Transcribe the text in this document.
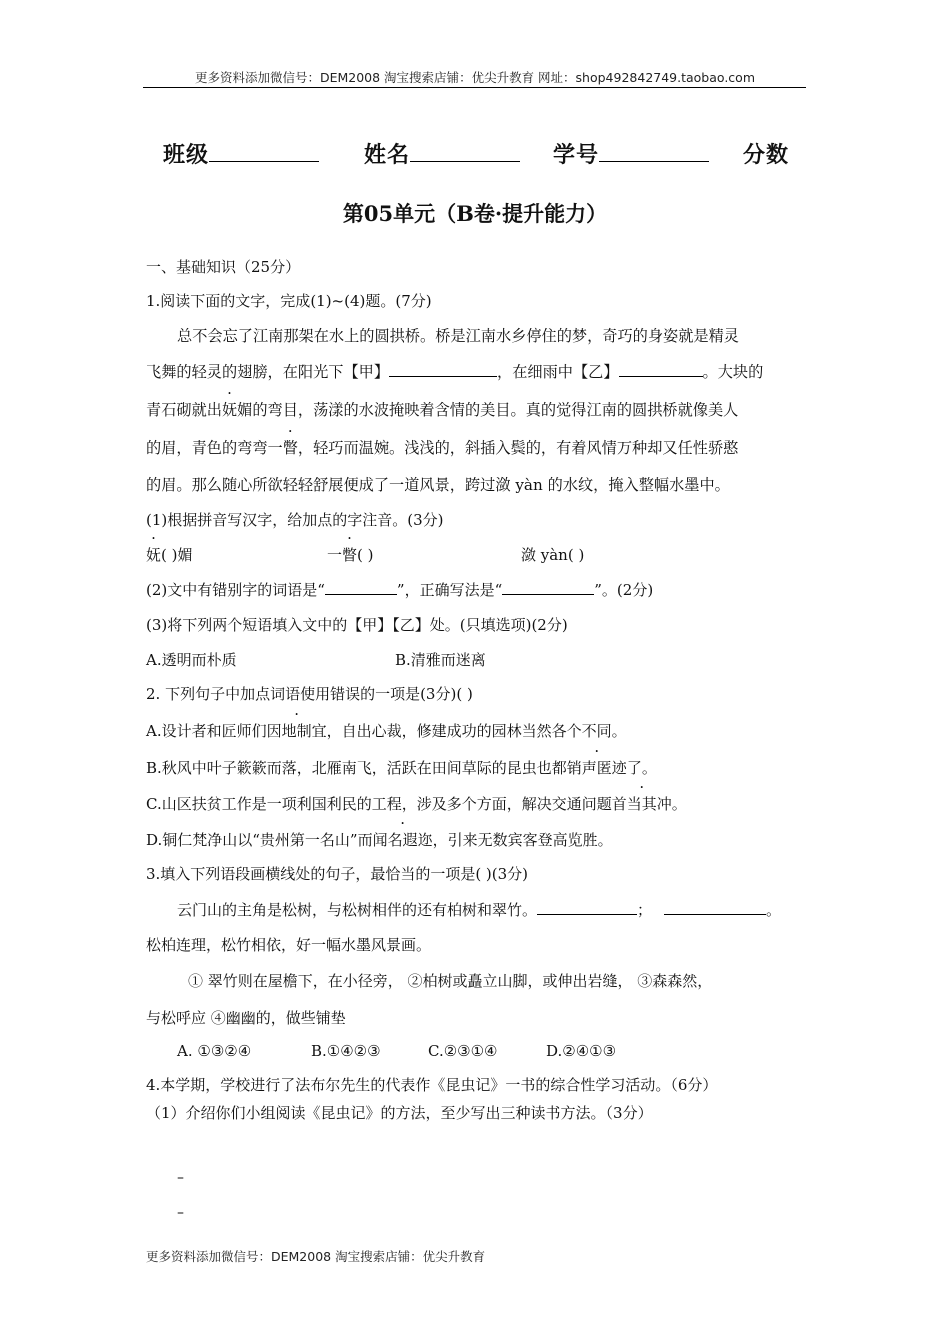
更多资料添加微信号：DEM2008 淘宝搜索店铺：优尖升教育 网址：shop492842749.taobao.com
班级	姓名	学号	分数
第05单元（B卷·提升能力）
一、基础知识（25分）
1.阅读下面的文字，完成(1)~(4)题。(7分)
总不会忘了江南那架在水上的圆拱桥。桥是江南水乡停住的梦，奇巧的身姿就是精灵
飞舞的轻灵的翅膀，在阳光下【甲】	，在细雨中【乙】	。大块的
青石砌就出妩媚的弯目，荡漾的水波掩映着含情的美目。真的觉得江南的圆拱桥就像美人
的眉，青色的弯弯一瞥，轻巧而温婉。浅浅的，斜插入鬓的，有着风情万种却又任性骄憨
的眉。那么随心所欲轻轻舒展便成了一道风景，跨过潋 yàn 的水纹，掩入整幅水墨中。
(1)根据拼音写汉字，给加点的字注音。(3分)
妩( )媚	一瞥( )	潋 yàn( )
(2)文中有错别字的词语是“	”，正确写法是“	”。(2分)
(3)将下列两个短语填入文中的【甲】【乙】处。(只填选项)(2分)
A.透明而朴质	B.清雅而迷离
2. 下列句子中加点词语使用错误的一项是(3分)( )
A.设计者和匠师们因地制宜，自出心裁，修建成功的园林当然各个不同。
B.秋风中叶子簌簌而落，北雁南飞，活跃在田间草际的昆虫也都销声匿迹了。
C.山区扶贫工作是一项利国利民的工程，涉及多个方面，解决交通问题首当其冲。
D.铜仁梵净山以“贵州第一名山”而闻名遐迩，引来无数宾客登高览胜。
3.填入下列语段画横线处的句子，最恰当的一项是( )(3分)
云门山的主角是松树，与松树相伴的还有柏树和翠竹。	；	。
松柏连理，松竹相依，好一幅水墨风景画。
① 翠竹则在屋檐下，在小径旁， ②柏树或矗立山脚，或伸出岩缝， ③森森然，
与松呼应 ④幽幽的，做些铺垫
A. ①③②④	B.①④②③	C.②③①④	D.②④①③
4.本学期，学校进行了法布尔先生的代表作《昆虫记》一书的综合性学习活动。（6分）
（1）介绍你们小组阅读《昆虫记》的方法，至少写出三种读书方法。（3分）
–
–
更多资料添加微信号：DEM2008 淘宝搜索店铺：优尖升教育
